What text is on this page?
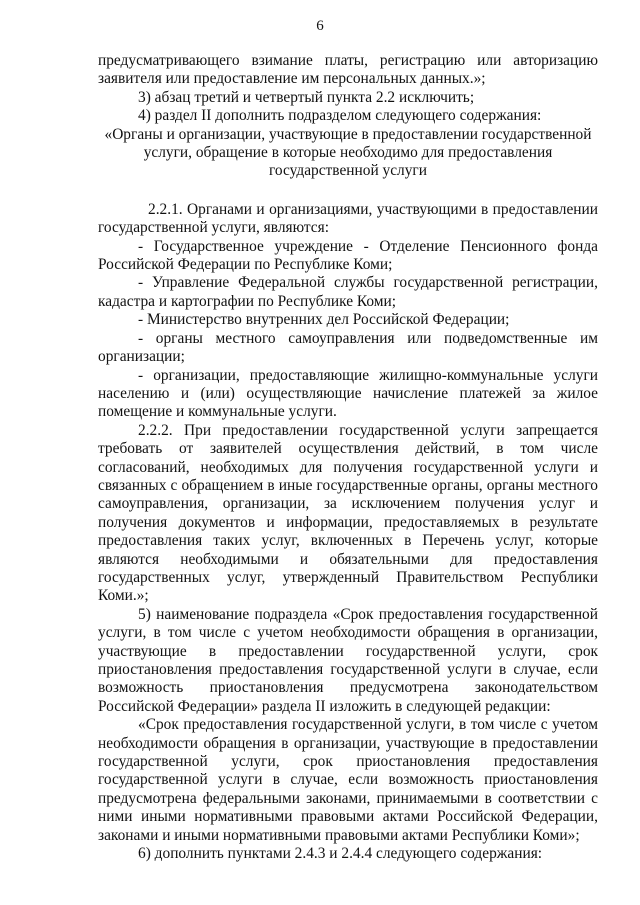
6

предусматривающего взимание платы, регистрацию или авторизацию заявителя или предоставление им персональных данных.»;

3) абзац третий и четвертый пункта 2.2 исключить;

4) раздел II дополнить подразделом следующего содержания:

«Органы и организации, участвующие в предоставлении государственной услуги, обращение в которые необходимо для предоставления государственной услуги

2.2.1. Органами и организациями, участвующими в предоставлении государственной услуги, являются:

- Государственное учреждение - Отделение Пенсионного фонда Российской Федерации по Республике Коми;

- Управление Федеральной службы государственной регистрации, кадастра и картографии по Республике Коми;

- Министерство внутренних дел Российской Федерации;

- органы местного самоуправления или подведомственные им организации;

- организации, предоставляющие жилищно-коммунальные услуги населению и (или) осуществляющие начисление платежей за жилое помещение и коммунальные услуги.

2.2.2. При предоставлении государственной услуги запрещается требовать от заявителей осуществления действий, в том числе согласований, необходимых для получения государственной услуги и связанных с обращением в иные государственные органы, органы местного самоуправления, организации, за исключением получения услуг и получения документов и информации, предоставляемых в результате предоставления таких услуг, включенных в Перечень услуг, которые являются необходимыми и обязательными для предоставления государственных услуг, утвержденный Правительством Республики Коми.»;

5) наименование подраздела «Срок предоставления государственной услуги, в том числе с учетом необходимости обращения в организации, участвующие в предоставлении государственной услуги, срок приостановления предоставления государственной услуги в случае, если возможность приостановления предусмотрена законодательством Российской Федерации» раздела II изложить в следующей редакции:

«Срок предоставления государственной услуги, в том числе с учетом необходимости обращения в организации, участвующие в предоставлении государственной услуги, срок приостановления предоставления государственной услуги в случае, если возможность приостановления предусмотрена федеральными законами, принимаемыми в соответствии с ними иными нормативными правовыми актами Российской Федерации, законами и иными нормативными правовыми актами Республики Коми»;

6) дополнить пунктами 2.4.3 и 2.4.4 следующего содержания:
